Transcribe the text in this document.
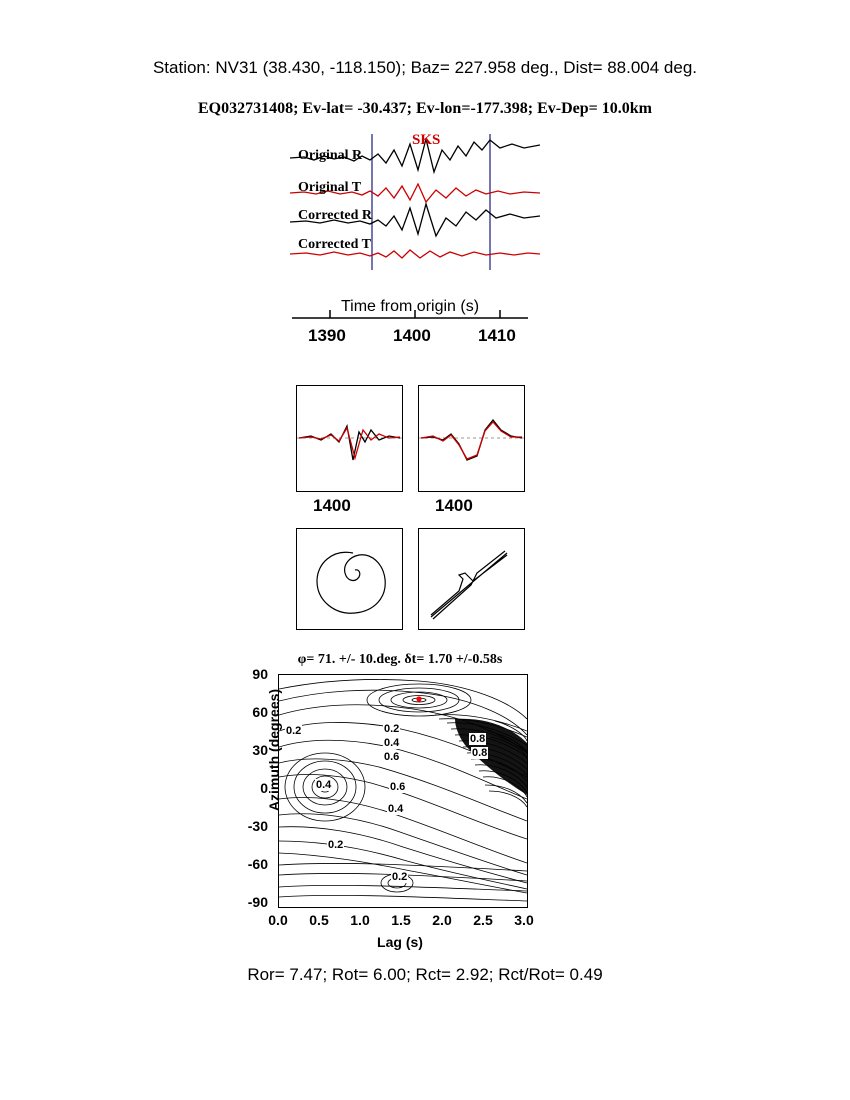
Station: NV31 (38.430, -118.150); Baz= 227.958 deg., Dist= 88.004 deg.
EQ032731408; Ev-lat= -30.437; Ev-lon=-177.398; Ev-Dep= 10.0km
Original R
Original T
Corrected R
Corrected T
SKS
Time from origin (s)
1390	1400	1410
1400	1400
φ= 71. +/- 10.deg. δt= 1.70 +/-0.58s
0.2	0.2
0.4
0.4
0.6
0.6
0.8
0.8
0.4
0.2
0.2
90
60
30
0
-30
-60
-90
0.0	0.5	1.0	1.5	2.0	2.5	3.0
Azimuth (degrees)
Lag (s)
Ror= 7.47; Rot= 6.00; Rct= 2.92; Rct/Rot= 0.49
